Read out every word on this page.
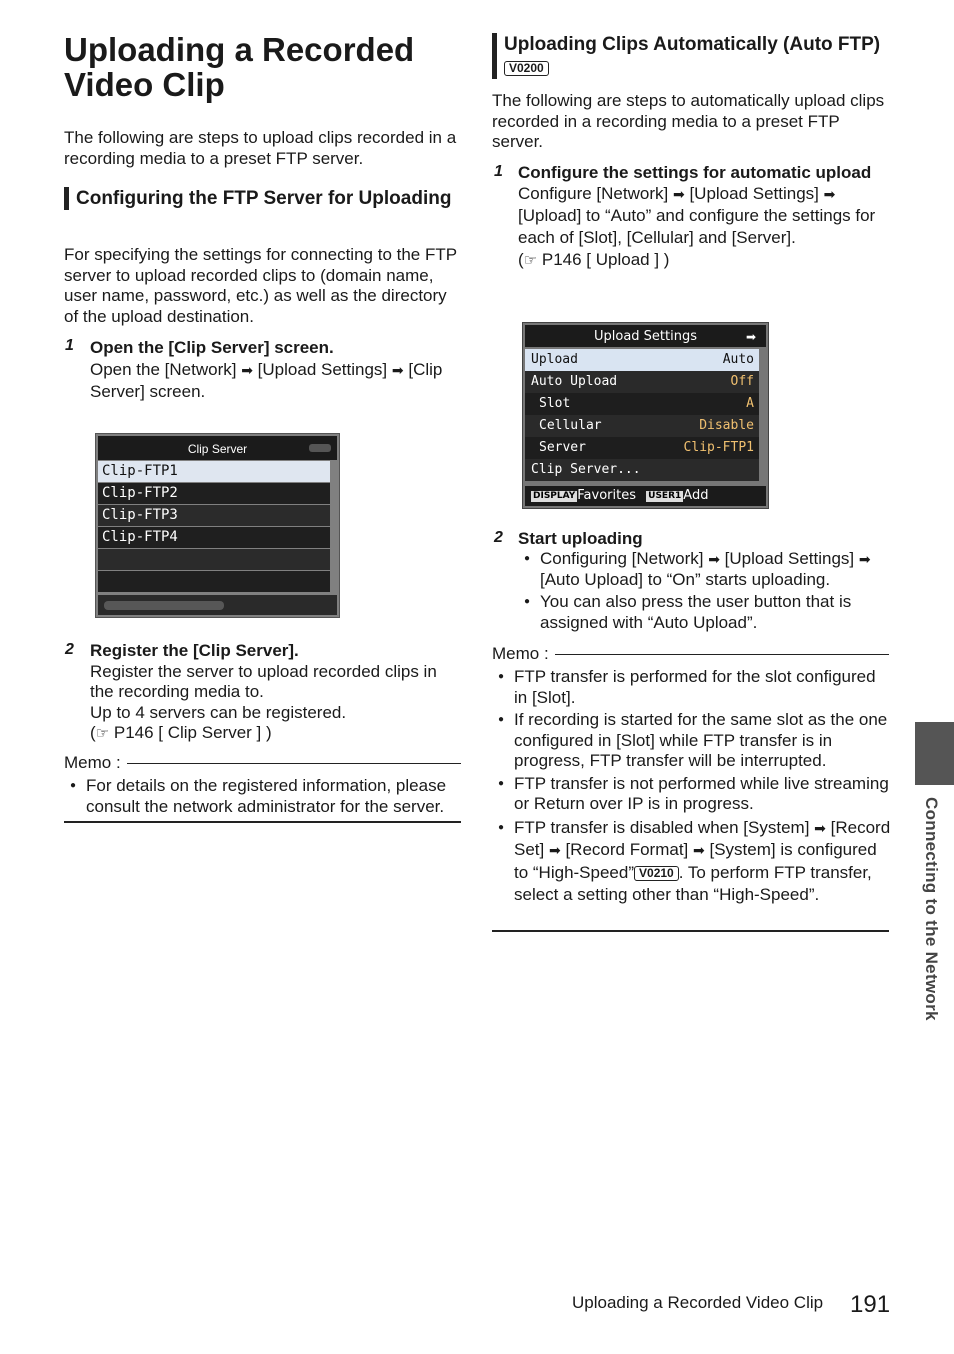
Uploading a Recorded Video Clip

The following are steps to upload clips recorded in a recording media to a preset FTP server.

Configuring the FTP Server for Uploading

For specifying the settings for connecting to the FTP server to upload recorded clips to (domain name, user name, password, etc.) as well as the directory of the upload destination.

1 Open the [Clip Server] screen.
Open the [Network] ➡ [Upload Settings] ➡ [Clip Server] screen.
Clip Server
Clip-FTP1
Clip-FTP2
Clip-FTP3
Clip-FTP4
2 Register the [Clip Server].
Register the server to upload recorded clips in the recording media to.
Up to 4 servers can be registered.
(☞ P146 [ Clip Server ] )
Memo :
● For details on the registered information, please consult the network administrator for the server.
Uploading Clips Automatically (Auto FTP) V0200

The following are steps to automatically upload clips recorded in a recording media to a preset FTP server.

1 Configure the settings for automatic upload
Configure [Network] ➡ [Upload Settings] ➡ [Upload] to “Auto” and configure the settings for each of [Slot], [Cellular] and [Server].
(☞ P146 [ Upload ] )
Upload Settings	➡
Upload	Auto
Auto Upload	Off
Slot	A
Cellular	Disable
Server	Clip-FTP1
Clip Server...
DISPLAY Favorites USER1 Add
2 Start uploading
● Configuring [Network] ➡ [Upload Settings] ➡ [Auto Upload] to “On” starts uploading.
● You can also press the user button that is assigned with “Auto Upload”.
Memo :
● FTP transfer is performed for the slot configured in [Slot].
● If recording is started for the same slot as the one configured in [Slot] while FTP transfer is in progress, FTP transfer will be interrupted.
● FTP transfer is not performed while live streaming or Return over IP is in progress.
● FTP transfer is disabled when [System] ➡ [Record Set] ➡ [Record Format] ➡ [System] is configured to “High-Speed” V0210 . To perform FTP transfer, select a setting other than “High-Speed”.	Connecting to the Network
Uploading a Recorded Video Clip 191
